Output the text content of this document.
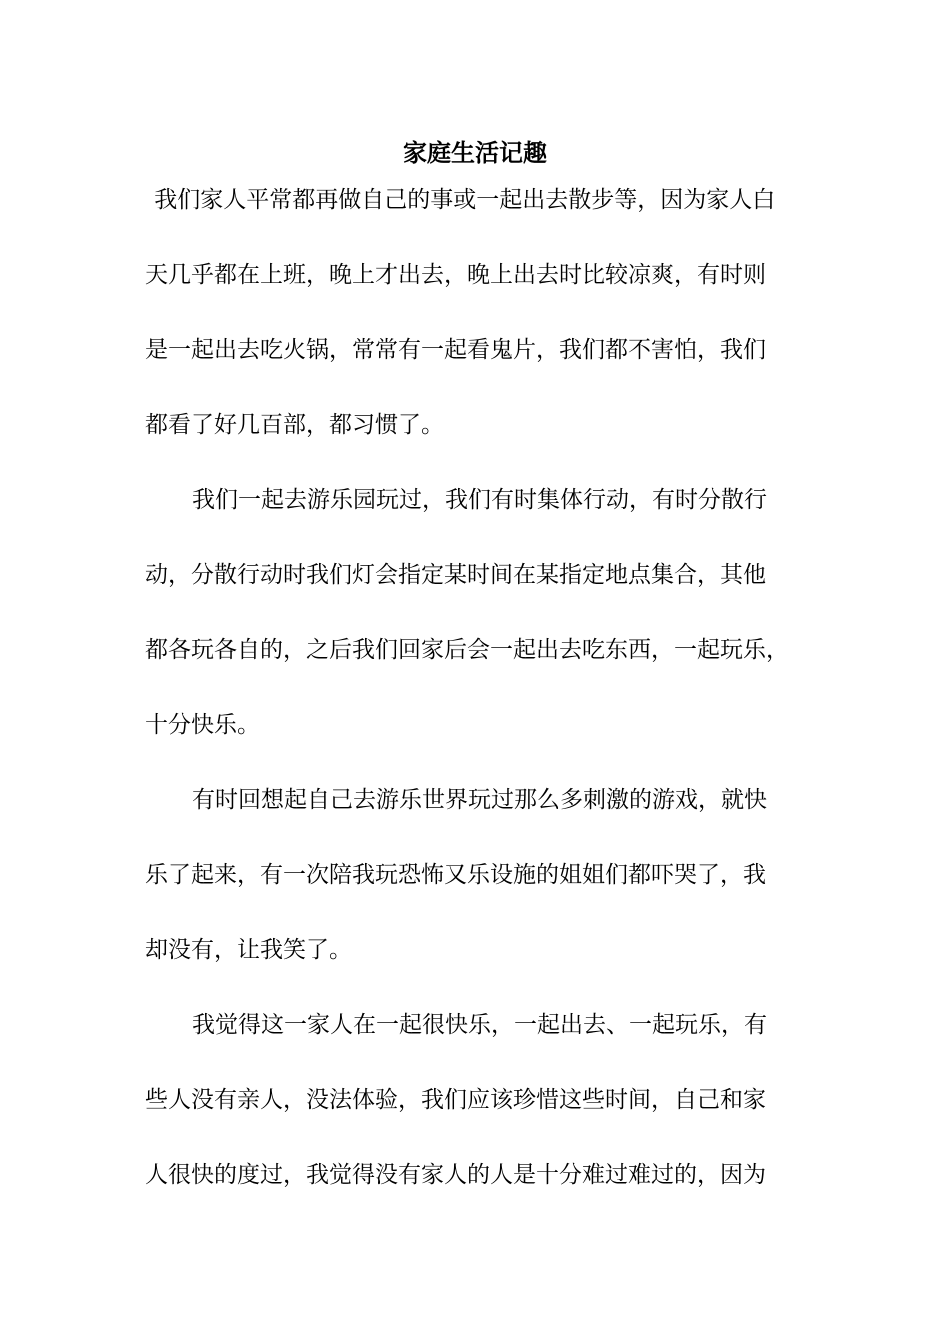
家庭生活记趣
我们家人平常都再做自己的事或一起出去散步等，因为家人白
天几乎都在上班，晚上才出去，晚上出去时比较凉爽，有时则
是一起出去吃火锅，常常有一起看鬼片，我们都不害怕，我们
都看了好几百部，都习惯了。
我们一起去游乐园玩过，我们有时集体行动，有时分散行
动，分散行动时我们灯会指定某时间在某指定地点集合，其他
都各玩各自的，之后我们回家后会一起出去吃东西，一起玩乐，
十分快乐。
有时回想起自己去游乐世界玩过那么多刺激的游戏，就快
乐了起来，有一次陪我玩恐怖又乐设施的姐姐们都吓哭了，我
却没有，让我笑了。
我觉得这一家人在一起很快乐，一起出去、一起玩乐，有
些人没有亲人，没法体验，我们应该珍惜这些时间，自己和家
人很快的度过，我觉得没有家人的人是十分难过难过的，因为
